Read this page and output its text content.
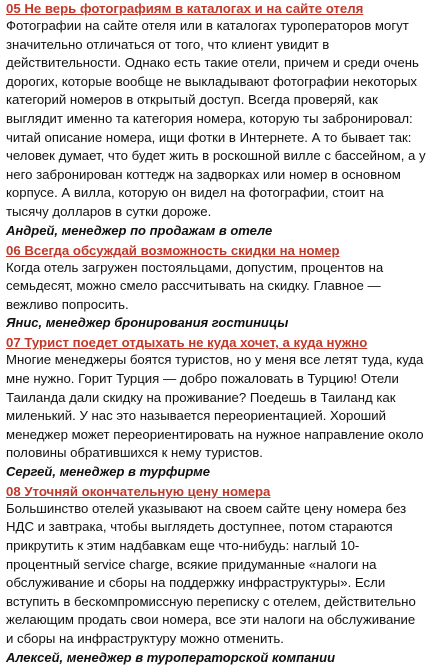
05 Не верь фотографиям в каталогах и на сайте отеля

Фотографии на сайте отеля или в каталогах туроператоров могут значительно отличаться от того, что клиент увидит в действительности. Однако есть такие отели, причем и среди очень дорогих, которые вообще не выкладывают фотографии некоторых категорий номеров в открытый доступ. Всегда проверяй, как выглядит именно та категория номера, которую ты забронировал: читай описание номера, ищи фотки в Интернете. А то бывает так: человек думает, что будет жить в роскошной вилле с бассейном, а у него забронирован коттедж на задворках или номер в основном корпусе. А вилла, которую он видел на фотографии, стоит на тысячу долларов в сутки дороже.

Андрей, менеджер по продажам в отеле
06 Всегда обсуждай возможность скидки на номер

Когда отель загружен постояльцами, допустим, процентов на семьдесят, можно смело рассчитывать на скидку. Главное — вежливо попросить.

Янис, менеджер бронирования гостиницы
07 Турист поедет отдыхать не куда хочет, а куда нужно

Многие менеджеры боятся туристов, но у меня все летят туда, куда мне нужно. Горит Турция — добро пожаловать в Турцию! Отели Таиланда дали скидку на проживание? Поедешь в Таиланд как миленький. У нас это называется переориентацией. Хороший менеджер может переориентировать на нужное направление около половины обратившихся к нему туристов.

Сергей, менеджер в турфирме
08 Уточняй окончательную цену номера

Большинство отелей указывают на своем сайте цену номера без НДС и завтрака, чтобы выглядеть доступнее, потом стараются прикрутить к этим надбавкам еще что-нибудь: наглый 10-процентный service charge, всякие придуманные «налоги на обслуживание и сборы на поддержку инфраструктуры». Если вступить в бескомпромиссную переписку с отелем, действительно желающим продать свои номера, все эти налоги на обслуживание и сборы на инфраструктуру можно отменить.

Алексей, менеджер в туроператорской компании
